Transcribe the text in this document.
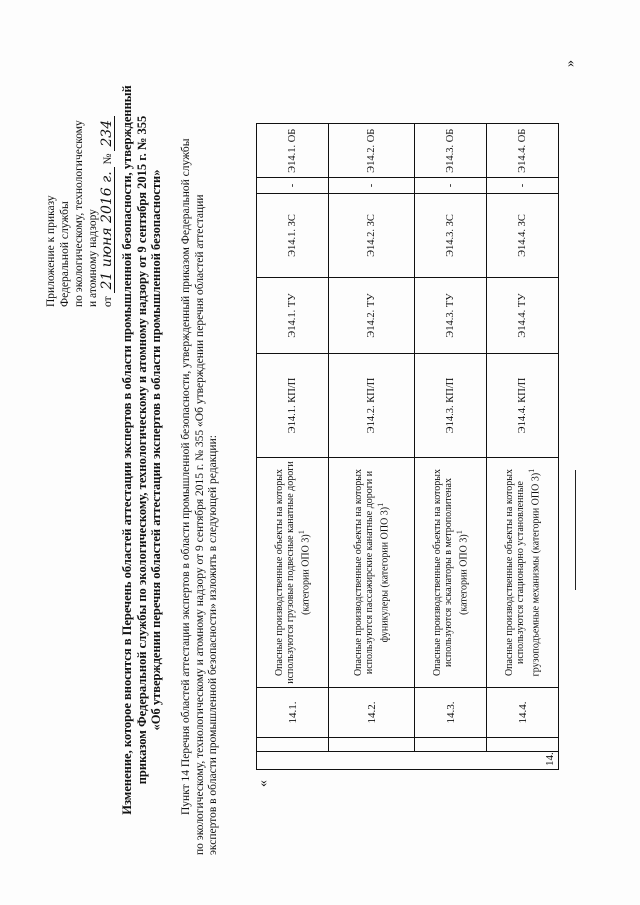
Приложение к приказу Федеральной службы по экологическому, технологическому и атомному надзору от 21 июня 2016 г. № 234 Изменение, которое вносится в Перечень областей аттестации экспертов в области промышленной безопасности, утвержденный приказом Федеральной службы по экологическому, технологическому и атомному надзору от 9 сентября 2015 г. № 355 «Об утверждении перечня областей аттестации экспертов в области промышленной безопасности» Пункт 14 Перечня областей аттестации экспертов в области промышленной безопасности, утвержденный приказом Федеральной службы по экологическому, технологическому и атомному надзору от 9 сентября 2015 г. № 355 «Об утверждении перечня областей аттестации экспертов в области промышленной безопасности» изложить в следующей редакции:	«
14.		14.1.	Опасные производственные объекты на которых используются грузовые подвесные канатные дороги (категории ОПО 3)$^1$	Э14.1. КП/П	Э14.1. ТУ	Э14.1. ЗС	-	Э14.1. ОБ
		14.2.	Опасные производственные объекты на которых используются пассажирские канатные дороги и фуникулеры (категории ОПО 3)$^1$	Э14.2. КП/П	Э14.2. ТУ	Э14.2. ЗС	-	Э14.2. ОБ
		14.3.	Опасные производственные объекты на которых используются эскалаторы в метрополитенах (категории ОПО 3)$^1$	Э14.3. КП/П	Э14.3. ТУ	Э14.3. ЗС	-	Э14.3. ОБ
		14.4.	Опасные производственные объекты на которых используются стационарно установленные грузоподъемные механизмы (категории ОПО 3)$^1$	Э14.4. КП/П	Э14.4. ТУ	Э14.4. ЗС	-	Э14.4. ОБ
»
